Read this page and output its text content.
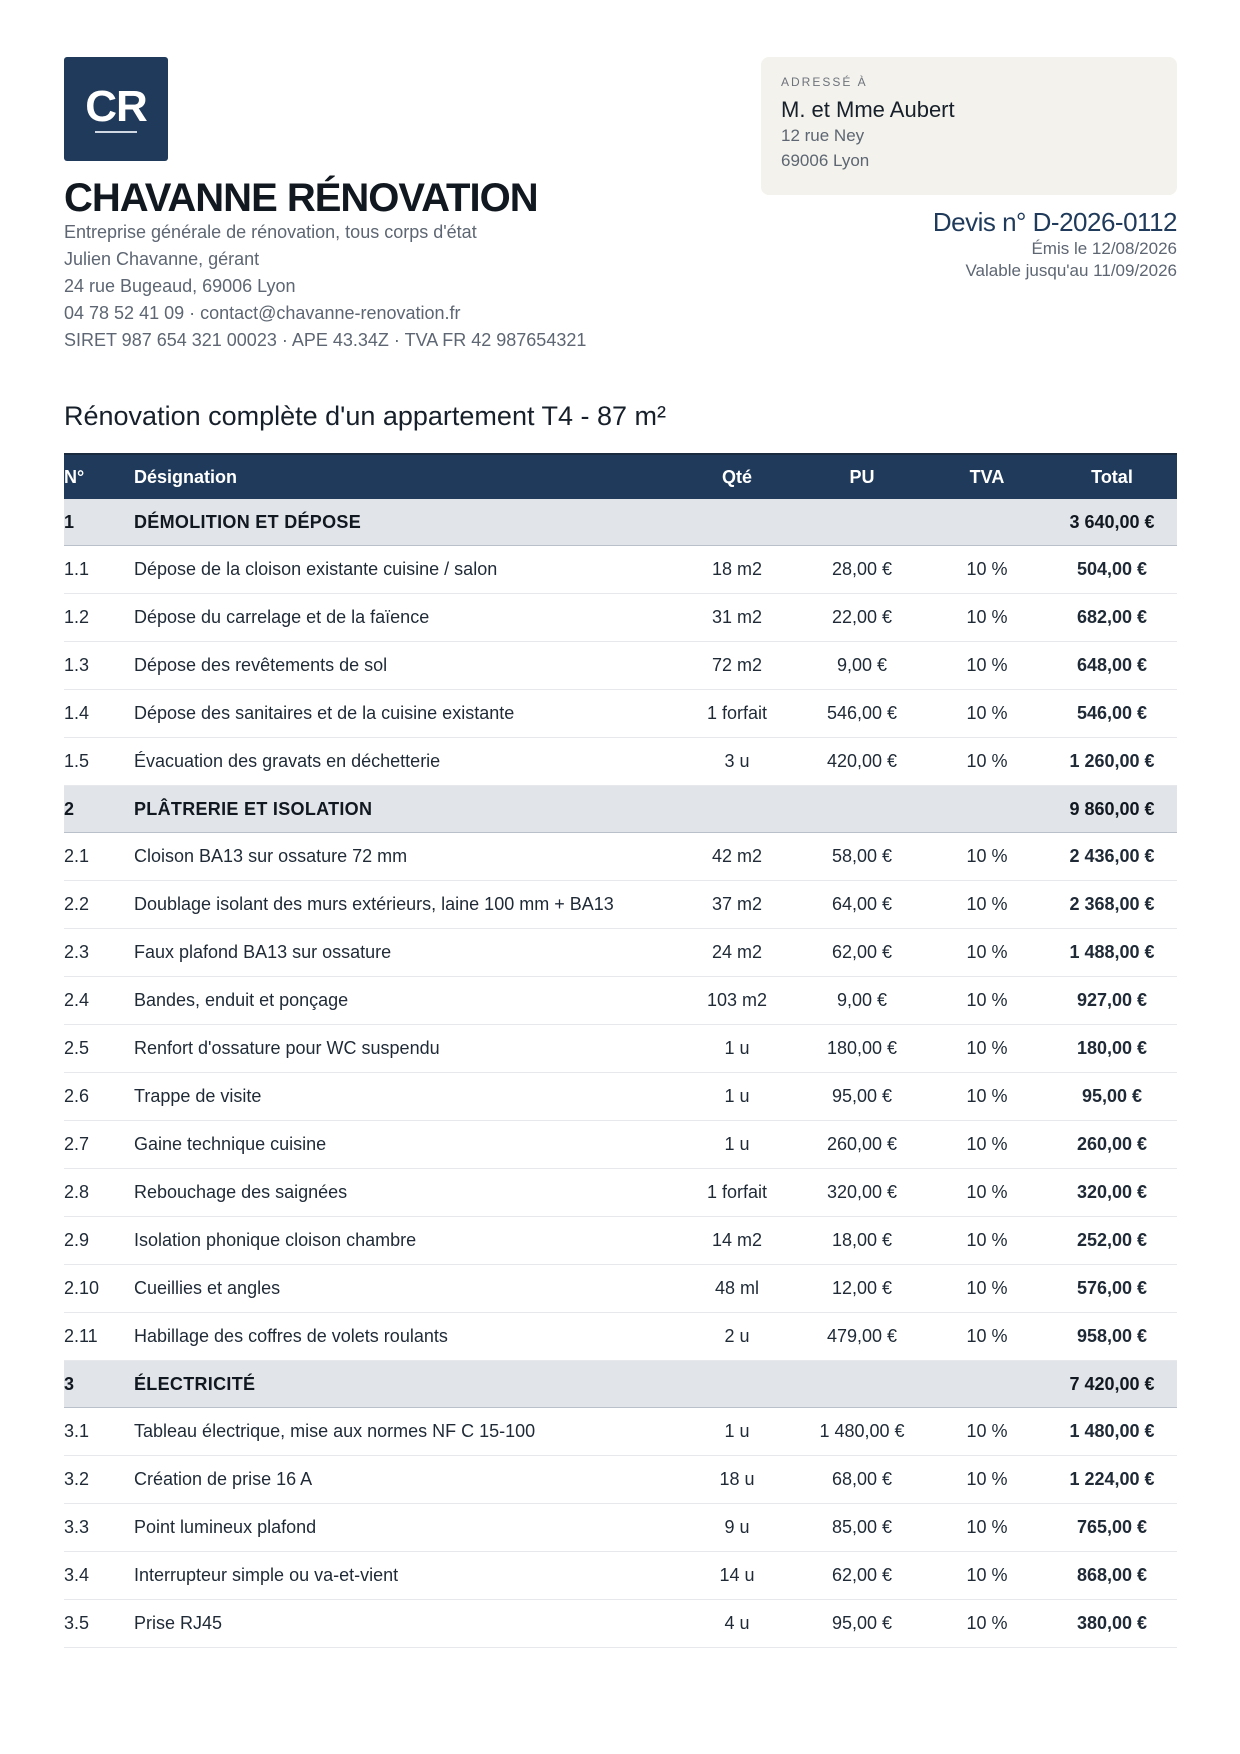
CR
CHAVANNE RÉNOVATION
Entreprise générale de rénovation, tous corps d'état
Julien Chavanne, gérant
24 rue Bugeaud, 69006 Lyon
04 78 52 41 09 · contact@chavanne-renovation.fr
SIRET 987 654 321 00023 · APE 43.34Z · TVA FR 42 987654321
ADRESSÉ À
M. et Mme Aubert
12 rue Ney
69006 Lyon
Devis n° D-2026-0112
Émis le 12/08/2026
Valable jusqu'au 11/09/2026
Rénovation complète d'un appartement T4 - 87 m²
N°	Désignation	Qté	PU	TVA	Total
1	DÉMOLITION ET DÉPOSE				3 640,00 €
1.1	Dépose de la cloison existante cuisine / salon	18 m2	28,00 €	10 %	504,00 €
1.2	Dépose du carrelage et de la faïence	31 m2	22,00 €	10 %	682,00 €
1.3	Dépose des revêtements de sol	72 m2	9,00 €	10 %	648,00 €
1.4	Dépose des sanitaires et de la cuisine existante	1 forfait	546,00 €	10 %	546,00 €
1.5	Évacuation des gravats en déchetterie	3 u	420,00 €	10 %	1 260,00 €
2	PLÂTRERIE ET ISOLATION				9 860,00 €
2.1	Cloison BA13 sur ossature 72 mm	42 m2	58,00 €	10 %	2 436,00 €
2.2	Doublage isolant des murs extérieurs, laine 100 mm + BA13	37 m2	64,00 €	10 %	2 368,00 €
2.3	Faux plafond BA13 sur ossature	24 m2	62,00 €	10 %	1 488,00 €
2.4	Bandes, enduit et ponçage	103 m2	9,00 €	10 %	927,00 €
2.5	Renfort d'ossature pour WC suspendu	1 u	180,00 €	10 %	180,00 €
2.6	Trappe de visite	1 u	95,00 €	10 %	95,00 €
2.7	Gaine technique cuisine	1 u	260,00 €	10 %	260,00 €
2.8	Rebouchage des saignées	1 forfait	320,00 €	10 %	320,00 €
2.9	Isolation phonique cloison chambre	14 m2	18,00 €	10 %	252,00 €
2.10	Cueillies et angles	48 ml	12,00 €	10 %	576,00 €
2.11	Habillage des coffres de volets roulants	2 u	479,00 €	10 %	958,00 €
3	ÉLECTRICITÉ				7 420,00 €
3.1	Tableau électrique, mise aux normes NF C 15-100	1 u	1 480,00 €	10 %	1 480,00 €
3.2	Création de prise 16 A	18 u	68,00 €	10 %	1 224,00 €
3.3	Point lumineux plafond	9 u	85,00 €	10 %	765,00 €
3.4	Interrupteur simple ou va-et-vient	14 u	62,00 €	10 %	868,00 €
3.5	Prise RJ45	4 u	95,00 €	10 %	380,00 €
